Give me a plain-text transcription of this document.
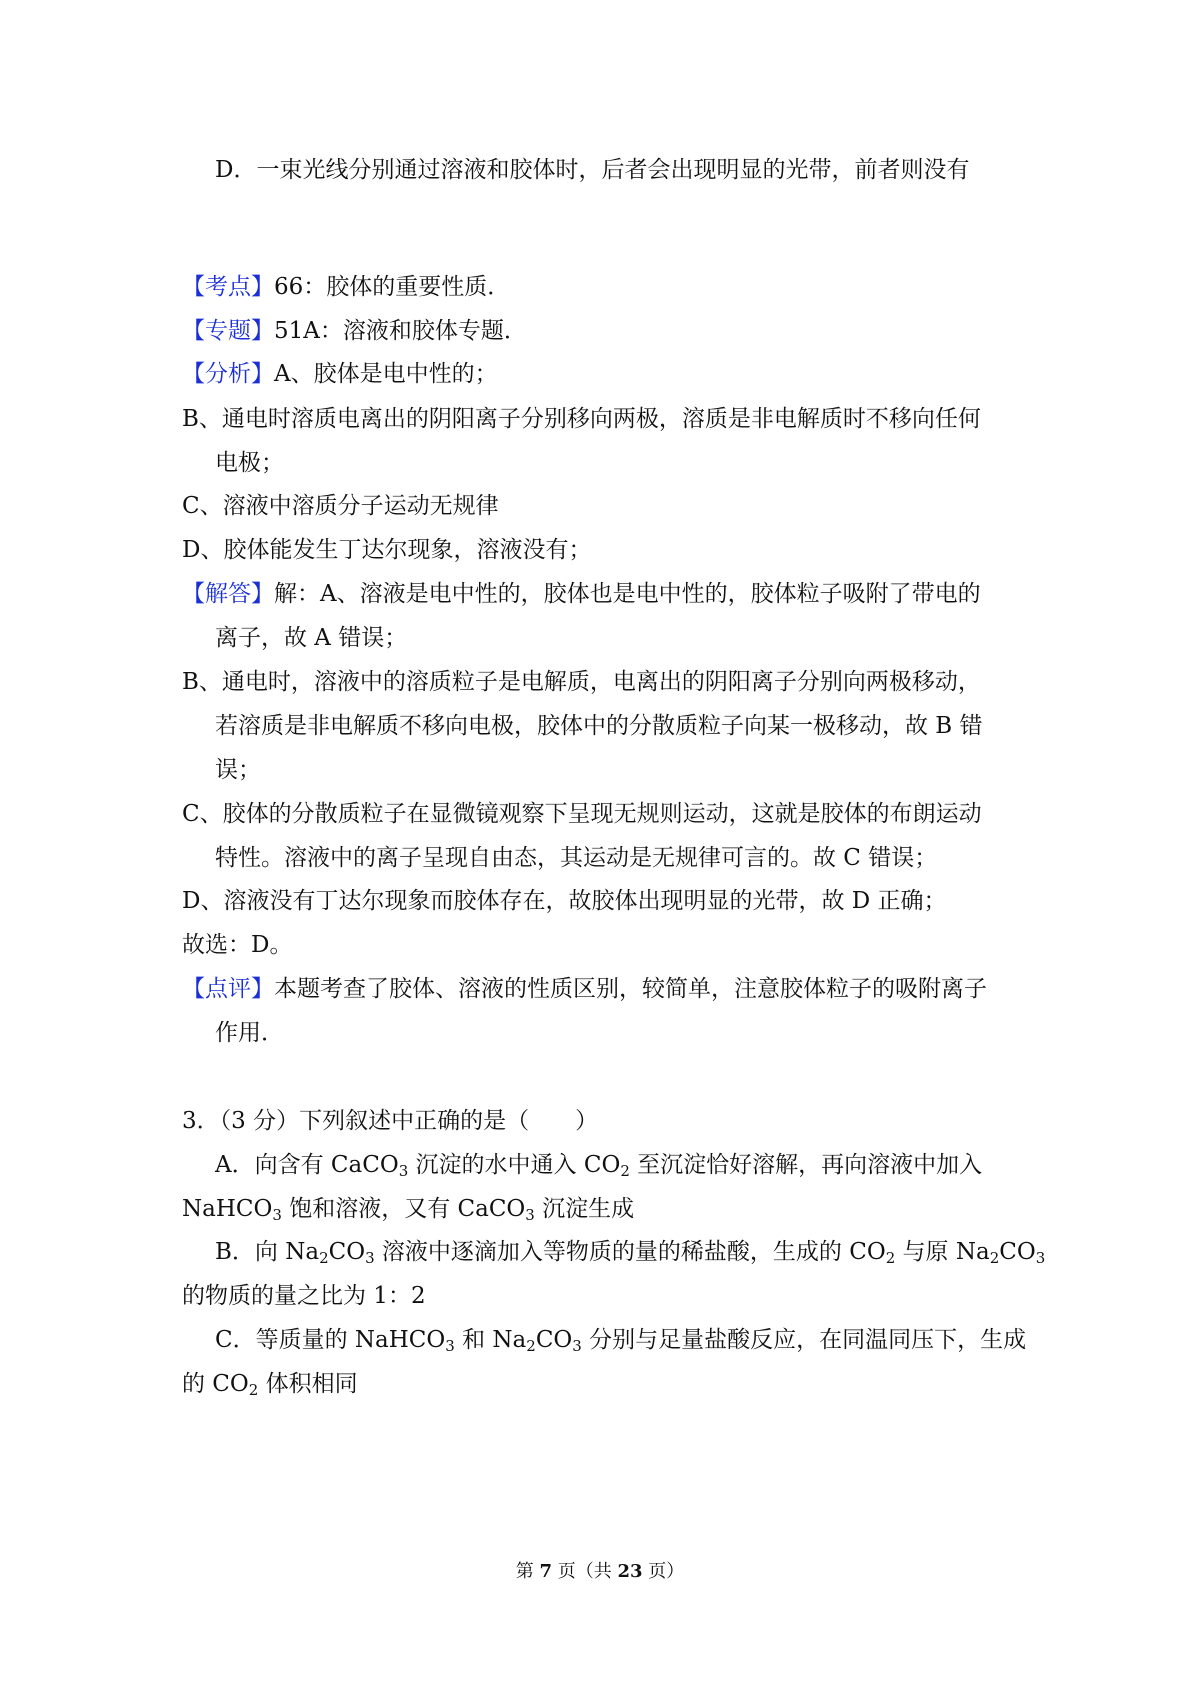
D．一束光线分别通过溶液和胶体时，后者会出现明显的光带，前者则没有
【考点】66：胶体的重要性质．
【专题】51A：溶液和胶体专题．
【分析】A、胶体是电中性的；
B、通电时溶质电离出的阴阳离子分别移向两极，溶质是非电解质时不移向任何
电极；
C、溶液中溶质分子运动无规律
D、胶体能发生丁达尔现象，溶液没有；
【解答】解：A、溶液是电中性的，胶体也是电中性的，胶体粒子吸附了带电的
离子，故 A 错误；
B、通电时，溶液中的溶质粒子是电解质，电离出的阴阳离子分别向两极移动，
若溶质是非电解质不移向电极，胶体中的分散质粒子向某一极移动，故 B 错
误；
C、胶体的分散质粒子在显微镜观察下呈现无规则运动，这就是胶体的布朗运动
特性。溶液中的离子呈现自由态，其运动是无规律可言的。故 C 错误；
D、溶液没有丁达尔现象而胶体存在，故胶体出现明显的光带，故 D 正确；
故选：D。
【点评】本题考查了胶体、溶液的性质区别，较简单，注意胶体粒子的吸附离子
作用．
3．（3 分）下列叙述中正确的是（　　）
A．向含有 CaCO$_3$ 沉淀的水中通入 $CO_2$ 至沉淀恰好溶解，再向溶液中加入
NaHCO$_3$ 饱和溶液，又有 CaCO$_3$ 沉淀生成
B．向 $Na_2CO_3$ 溶液中逐滴加入等物质的量的稀盐酸，生成的 $CO_2$ 与原 $Na_2CO_3$
的物质的量之比为 1：2
C．等质量的 NaHCO$_3$ 和 $Na_2CO_3$ 分别与足量盐酸反应，在同温同压下，生成
的 $CO_2$ 体积相同
第 7 页（共 23 页）
